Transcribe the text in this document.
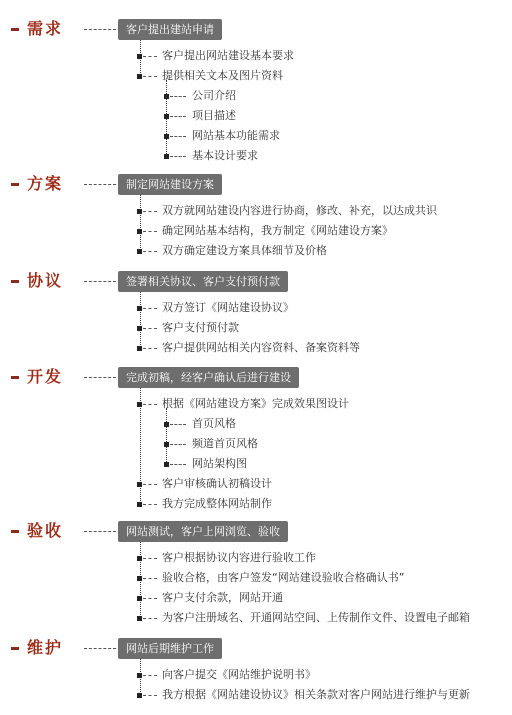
需求	客户提出建站申请
客户提出网站建设基本要求
提供相关文本及图片资料
公司介绍
项目描述
网站基本功能需求
基本设计要求
方案	制定网站建设方案
双方就网站建设内容进行协商，修改、补充，以达成共识
确定网站基本结构，我方制定《网站建设方案》
双方确定建设方案具体细节及价格
协议	签署相关协议、客户支付预付款
双方签订《网站建设协议》
客户支付预付款
客户提供网站相关内容资料、备案资料等
开发	完成初稿，经客户确认后进行建设
根据《网站建设方案》完成效果图设计
首页风格
频道首页风格
网站架构图
客户审核确认初稿设计
我方完成整体网站制作
验收	网站测试，客户上网浏览、验收
客户根据协议内容进行验收工作
验收合格，由客户签发“网站建设验收合格确认书”
客户支付余款，网站开通
为客户注册域名、开通网站空间、上传制作文件、设置电子邮箱
维护	网站后期维护工作
向客户提交《网站维护说明书》
我方根据《网站建设协议》相关条款对客户网站进行维护与更新
